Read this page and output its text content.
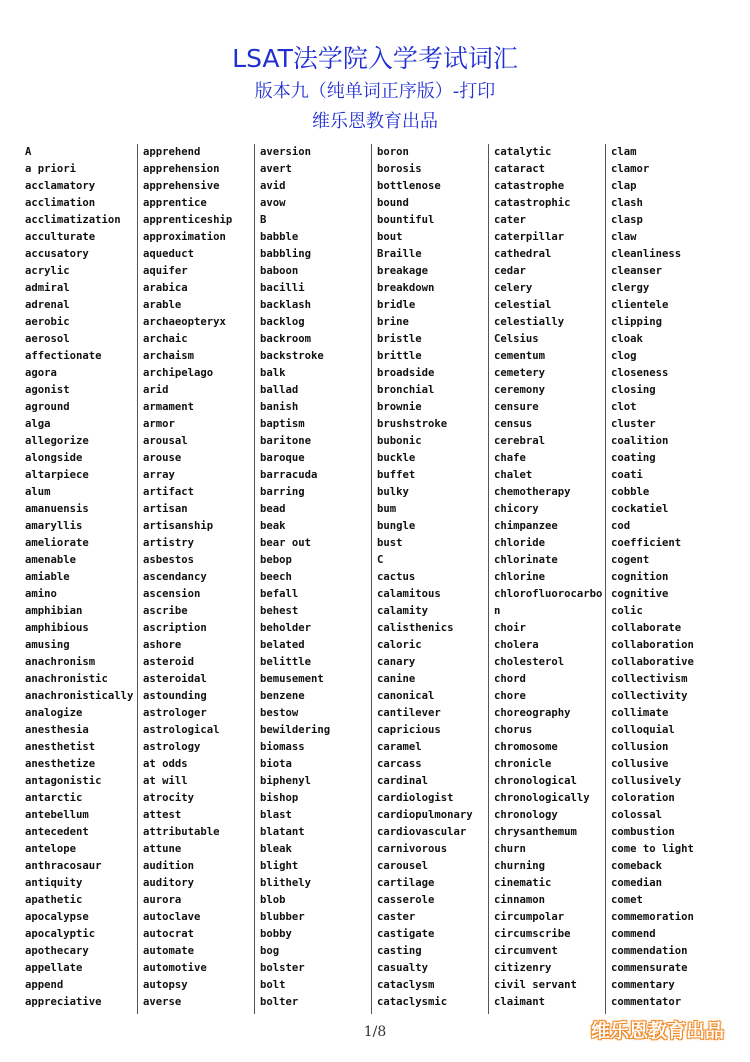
LSAT法学院入学考试词汇
版本九（纯单词正序版）-打印
维乐恩教育出品
A
a priori
acclamatory
acclimation
acclimatization
acculturate
accusatory
acrylic
admiral
adrenal
aerobic
aerosol
affectionate
agora
agonist
aground
alga
allegorize
alongside
altarpiece
alum
amanuensis
amaryllis
ameliorate
amenable
amiable
amino
amphibian
amphibious
amusing
anachronism
anachronistic
anachronistically
analogize
anesthesia
anesthetist
anesthetize
antagonistic
antarctic
antebellum
antecedent
antelope
anthracosaur
antiquity
apathetic
apocalypse
apocalyptic
apothecary
appellate
append
appreciative
apprehend
apprehension
apprehensive
apprentice
apprenticeship
approximation
aqueduct
aquifer
arabica
arable
archaeopteryx
archaic
archaism
archipelago
arid
armament
armor
arousal
arouse
array
artifact
artisan
artisanship
artistry
asbestos
ascendancy
ascension
ascribe
ascription
ashore
asteroid
asteroidal
astounding
astrologer
astrological
astrology
at odds
at will
atrocity
attest
attributable
attune
audition
auditory
aurora
autoclave
autocrat
automate
automotive
autopsy
averse
aversion
avert
avid
avow
B
babble
babbling
baboon
bacilli
backlash
backlog
backroom
backstroke
balk
ballad
banish
baptism
baritone
baroque
barracuda
barring
bead
beak
bear out
bebop
beech
befall
behest
beholder
belated
belittle
bemusement
benzene
bestow
bewildering
biomass
biota
biphenyl
bishop
blast
blatant
bleak
blight
blithely
blob
blubber
bobby
bog
bolster
bolt
bolter
boron
borosis
bottlenose
bound
bountiful
bout
Braille
breakage
breakdown
bridle
brine
bristle
brittle
broadside
bronchial
brownie
brushstroke
bubonic
buckle
buffet
bulky
bum
bungle
bust
C
cactus
calamitous
calamity
calisthenics
caloric
canary
canine
canonical
cantilever
capricious
caramel
carcass
cardinal
cardiologist
cardiopulmonary
cardiovascular
carnivorous
carousel
cartilage
casserole
caster
castigate
casting
casualty
cataclysm
cataclysmic
catalytic
cataract
catastrophe
catastrophic
cater
caterpillar
cathedral
cedar
celery
celestial
celestially
Celsius
cementum
cemetery
ceremony
censure
census
cerebral
chafe
chalet
chemotherapy
chicory
chimpanzee
chloride
chlorinate
chlorine
chlorofluorocarbo
n
choir
cholera
cholesterol
chord
chore
choreography
chorus
chromosome
chronicle
chronological
chronologically
chronology
chrysanthemum
churn
churning
cinematic
cinnamon
circumpolar
circumscribe
circumvent
citizenry
civil servant
claimant
clam
clamor
clap
clash
clasp
claw
cleanliness
cleanser
clergy
clientele
clipping
cloak
clog
closeness
closing
clot
cluster
coalition
coating
coati
cobble
cockatiel
cod
coefficient
cogent
cognition
cognitive
colic
collaborate
collaboration
collaborative
collectivism
collectivity
collimate
colloquial
collusion
collusive
collusively
coloration
colossal
combustion
come to light
comeback
comedian
comet
commemoration
commend
commendation
commensurate
commentary
commentator
1/8	维乐恩教育出品
